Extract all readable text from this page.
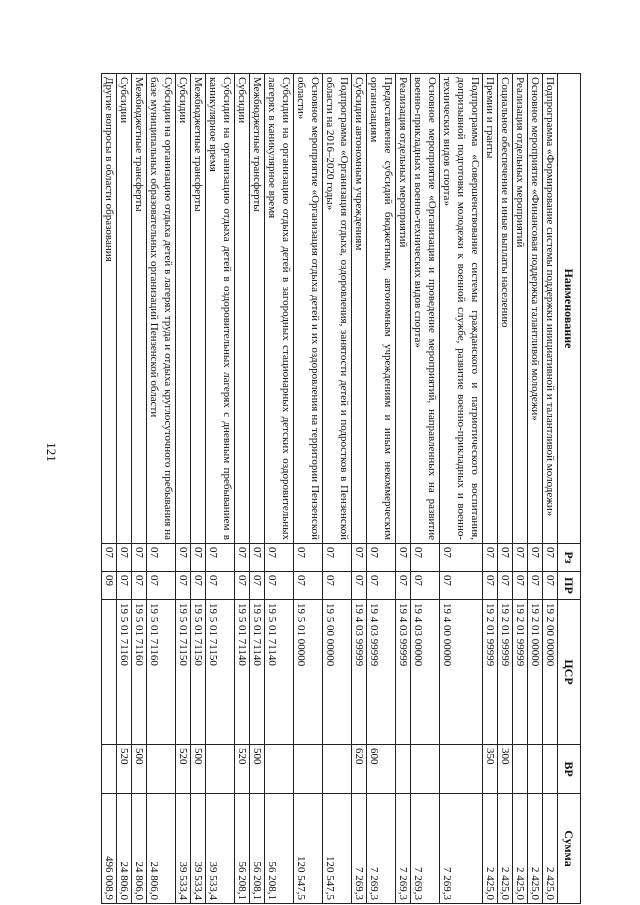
121
Наименование	Рз	ПР	ЦСР	ВР	Сумма
Подпрограмма «Формирование системы поддержки инициативной и талантливой молодежи»	07	07	19 2 00 00000		2 425,0
Основное мероприятие «Финансовая поддержка талантливой молодежи»	07	07	19 2 01 00000		2 425,0
Реализация отдельных мероприятий	07	07	19 2 01 99999		2 425,0
Социальное обеспечение и иные выплаты населению	07	07	19 2 01 99999	300	2 425,0
Премии и гранты	07	07	19 2 01 99999	350	2 425,0
Подпрограмма «Совершенствование системы гражданского и патриотического воспитания, допризывной подготовки молодежи к военной службе, развитие военно-прикладных и военно-технических видов спорта»	07	07	19 4 00 00000		7 269,3
Основное мероприятие «Организация и проведение мероприятий, направленных на развитие военно-прикладных и военно-технических видов спорта»	07	07	19 4 03 00000		7 269,3
Реализация отдельных мероприятий	07	07	19 4 03 99999		7 269,3
Предоставление субсидий бюджетным, автономным учреждениям и иным некоммерческим организациям	07	07	19 4 03 99999	600	7 269,3
Субсидии автономным учреждениям	07	07	19 4 03 99999	620	7 269,3
Подпрограмма «Организация отдыха, оздоровления, занятости детей и подростков в Пензенской области на 2016–2020 годы»	07	07	19 5 00 00000		120 547,5
Основное мероприятие «Организация отдыха детей и их оздоровления на территории Пензенской области»	07	07	19 5 01 00000		120 547,5
Субсидии на организацию отдыха детей в загородных стационарных детских оздоровительных лагерях в каникулярное время	07	07	19 5 01 71140		56 208,1
Межбюджетные трансферты	07	07	19 5 01 71140	500	56 208,1
Субсидии	07	07	19 5 01 71140	520	56 208,1
Субсидии на организацию отдыха детей в оздоровительных лагерях с дневным пребыванием в каникулярное время	07	07	19 5 01 71150		39 533,4
Межбюджетные трансферты	07	07	19 5 01 71150	500	39 533,4
Субсидии	07	07	19 5 01 71150	520	39 533,4
Субсидии на организацию отдыха детей в лагерях труда и отдыха круглосуточного пребывания на базе муниципальных образовательных организаций Пензенской области	07	07	19 5 01 71160		24 806,0
Межбюджетные трансферты	07	07	19 5 01 71160	500	24 806,0
Субсидии	07	07	19 5 01 71160	520	24 806,0
Другие вопросы в области образования	07	09			496 008,9
